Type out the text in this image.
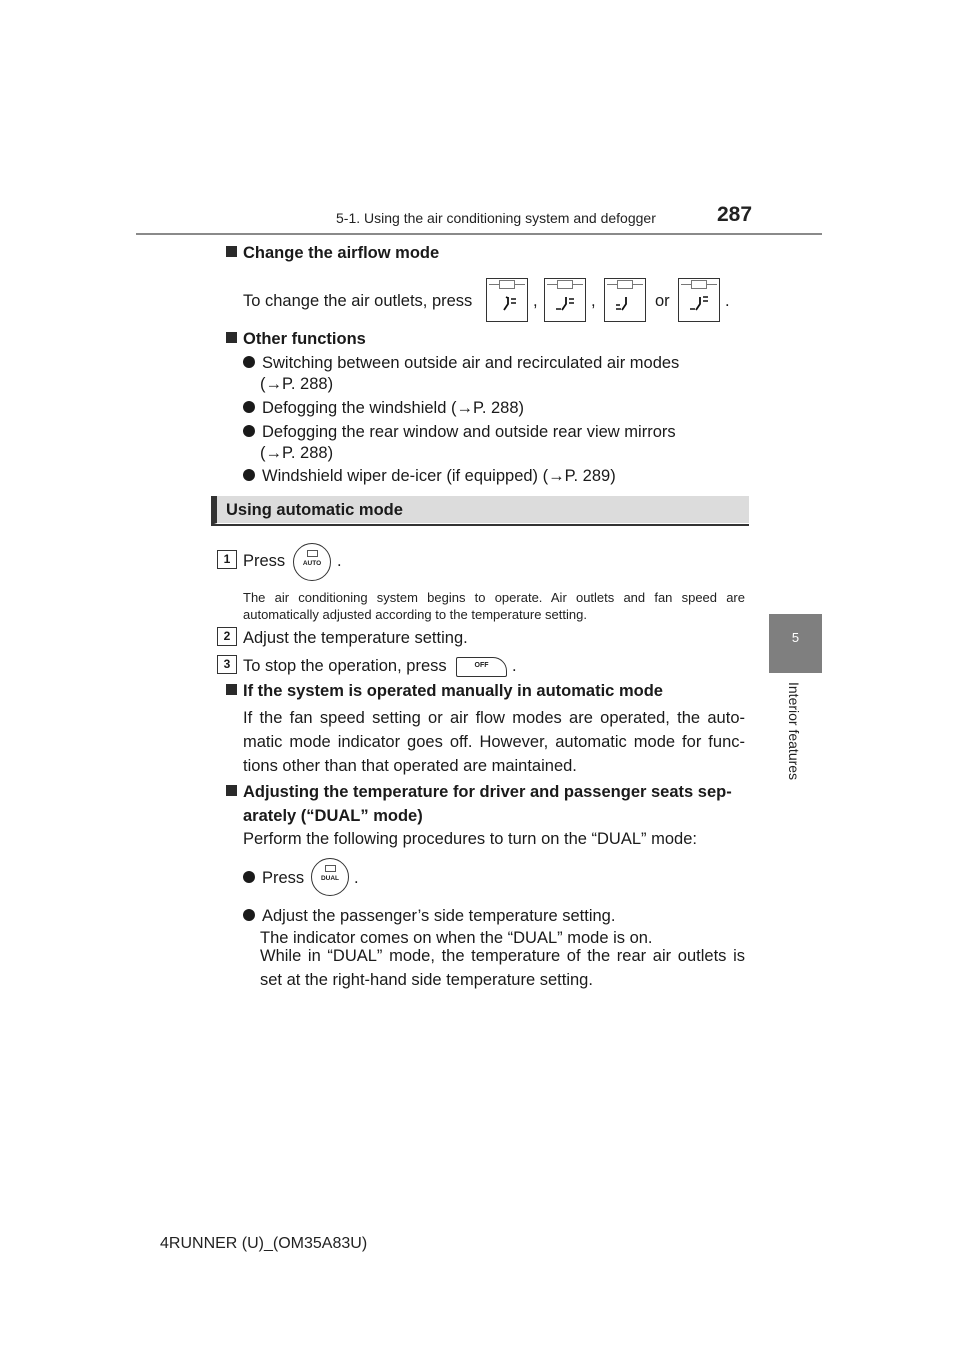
5-1. Using the air conditioning system and defogger	287
5
Interior features
Change the airflow mode
To change the air outlets, press	,	,	or	.
Other functions
Switching between outside air and recirculated air modes
(→P. 288)
Defogging the windshield (→P. 288)
Defogging the rear window and outside rear view mirrors
(→P. 288)
Windshield wiper de-icer (if equipped) (→P. 289)
Using automatic mode
1 Press	AUTO .
The air conditioning system begins to operate. Air outlets and fan speed are automatically adjusted according to the temperature setting.
2 Adjust the temperature setting.
3 To stop the operation, press	OFF	.
If the system is operated manually in automatic mode
If the fan speed setting or air flow modes are operated, the auto-matic mode indicator goes off. However, automatic mode for func-tions other than that operated are maintained.
Adjusting the temperature for driver and passenger seats sep-
arately (“DUAL” mode)
Perform the following procedures to turn on the “DUAL” mode:
Press	DUAL .
Adjust the passenger’s side temperature setting.
The indicator comes on when the “DUAL” mode is on.
While in “DUAL” mode, the temperature of the rear air outlets is set at the right-hand side temperature setting.
4RUNNER (U)_(OM35A83U)
